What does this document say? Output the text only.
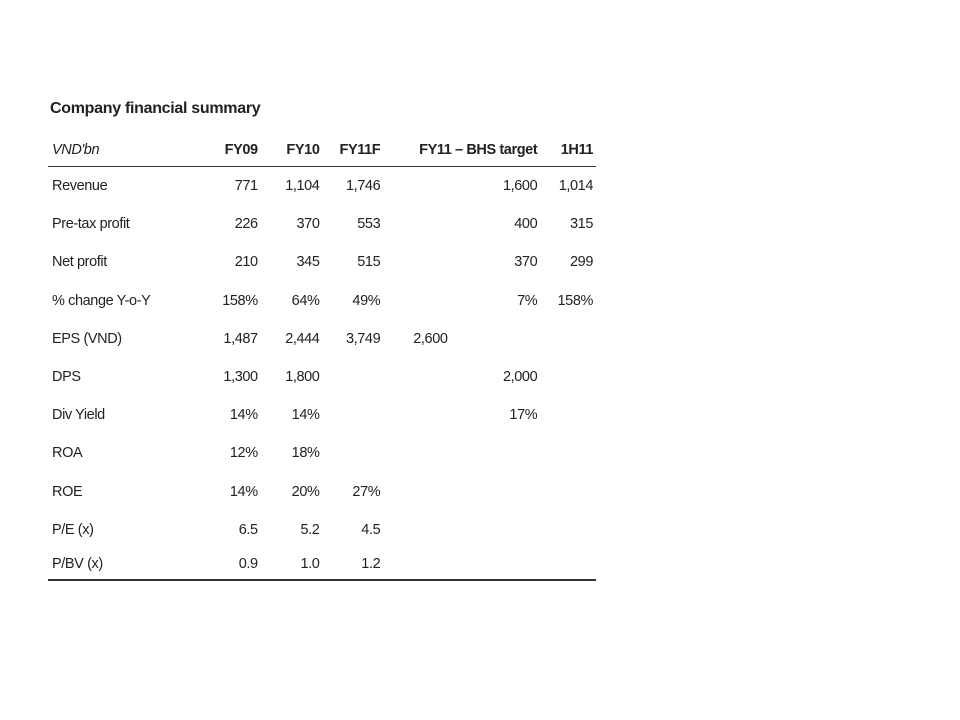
Company financial summary
VND'bn	FY09	FY10	FY11F	FY11 – BHS target	1H11
Revenue	771	1,104	1,746	1,600	1,014
Pre-tax profit	226	370	553	400	315
Net profit	210	345	515	370	299
% change Y-o-Y	158%	64%	49%	7%	158%
EPS (VND)	1,487	2,444	3,749	2,600	
DPS	1,300	1,800		2,000	
Div Yield	14%	14%		17%	
ROA	12%	18%			
ROE	14%	20%	27%		
P/E (x)	6.5	5.2	4.5		
P/BV (x)	0.9	1.0	1.2		
